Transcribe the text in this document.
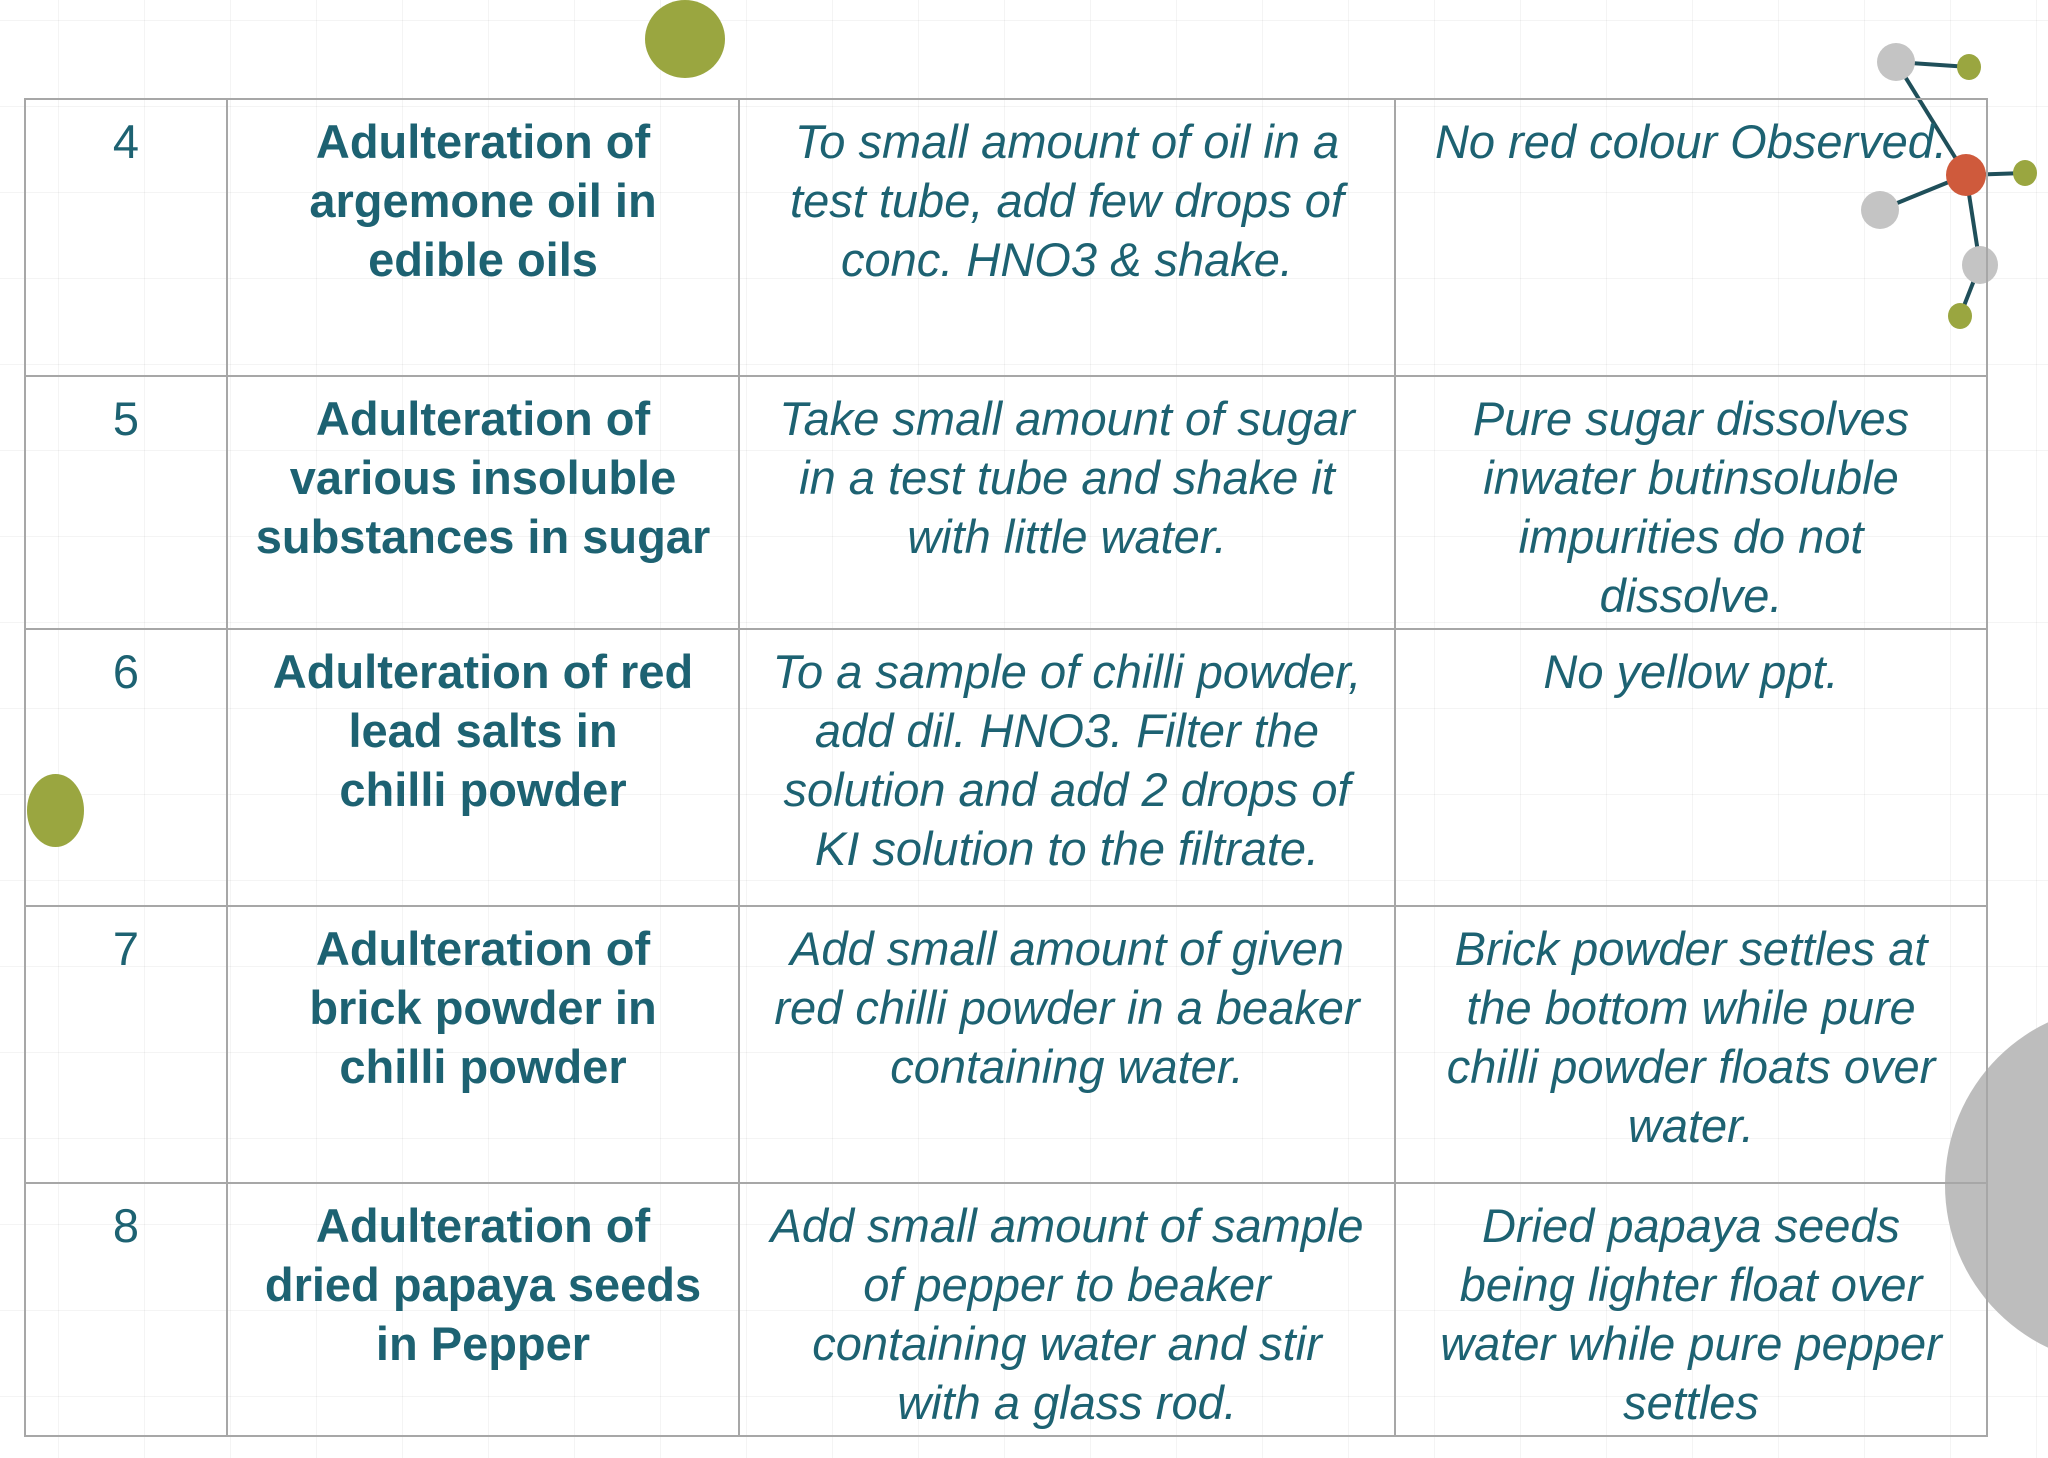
4	Adulteration of
argemone oil in
edible oils	To small amount of oil in a
test tube, add few drops of
conc. HNO3 & shake.	No red colour Observed.

5	Adulteration of
various insoluble
substances in sugar	Take small amount of sugar
in a test tube and shake it
with little water.	Pure sugar dissolves
inwater butinsoluble
impurities do not
dissolve.

6	Adulteration of red
lead salts in
chilli powder	To a sample of chilli powder,
add dil. HNO3. Filter the
solution and add 2 drops of
KI solution to the filtrate.	No yellow ppt.

7	Adulteration of
brick powder in
chilli powder	Add small amount of given
red chilli powder in a beaker
containing water.	Brick powder settles at
the bottom while pure
chilli powder floats over
water.

8	Adulteration of
dried papaya seeds
in Pepper	Add small amount of sample
of pepper to beaker
containing water and stir
with a glass rod.	Dried papaya seeds
being lighter float over
water while pure pepper
settles
